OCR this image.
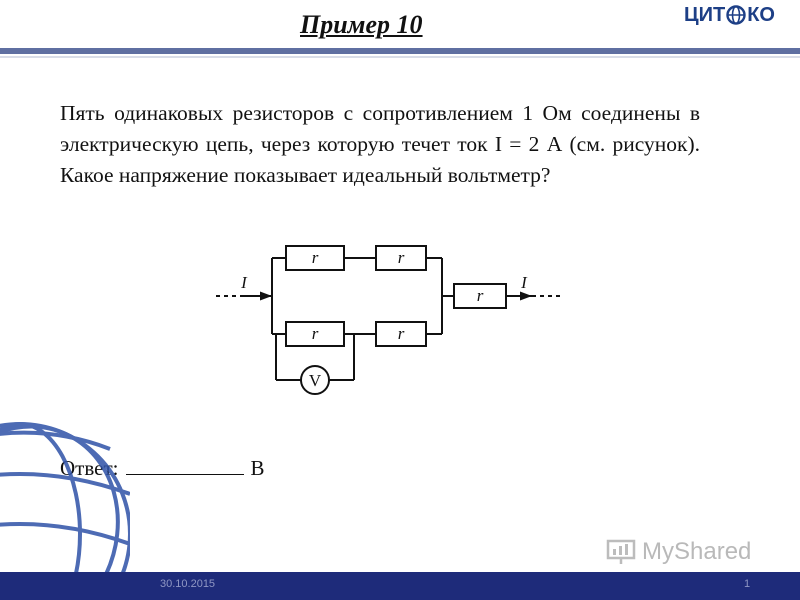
Пример 10	ЦИТ КО
Пять одинаковых резисторов с сопротивлением 1 Ом соединены в электрическую цепь, через которую течет ток I = 2 А (см. рисунок). Какое напряжение показывает идеальный вольтметр?
r	r
r	r
r
I	I
V
Ответ:	В
MyShared
30.10.2015	1
